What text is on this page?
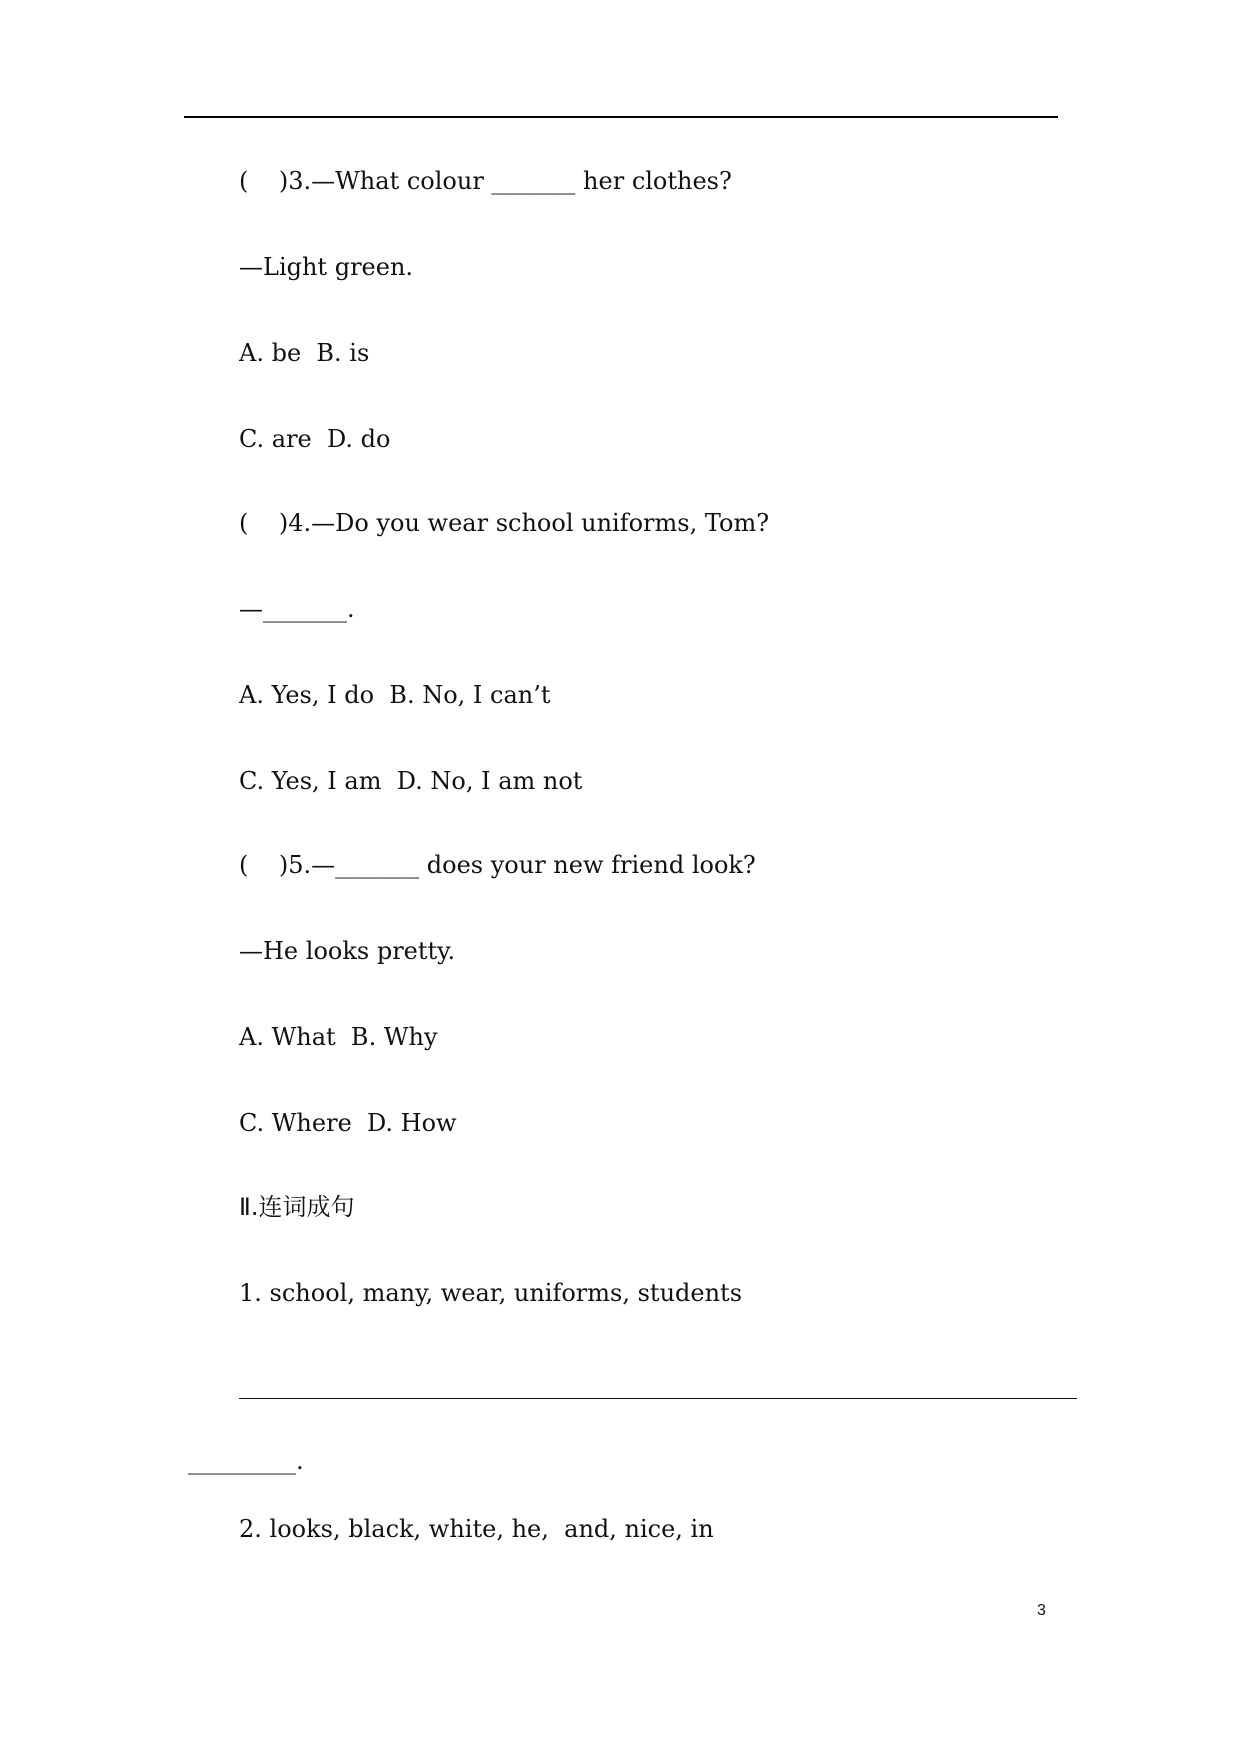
(    )3.—What colour _______ her clothes?

—Light green.

A. be  B. is

C. are  D. do

(    )4.—Do you wear school uniforms, Tom?

—_______.

A. Yes, I do  B. No, I can’t

C. Yes, I am  D. No, I am not

(    )5.—_______ does your new friend look?

—He looks pretty.

A. What  B. Why

C. Where  D. How

Ⅱ.连词成句

1. school, many, wear, uniforms, students

_________.

2. looks, black, white, he,  and, nice, in

3
